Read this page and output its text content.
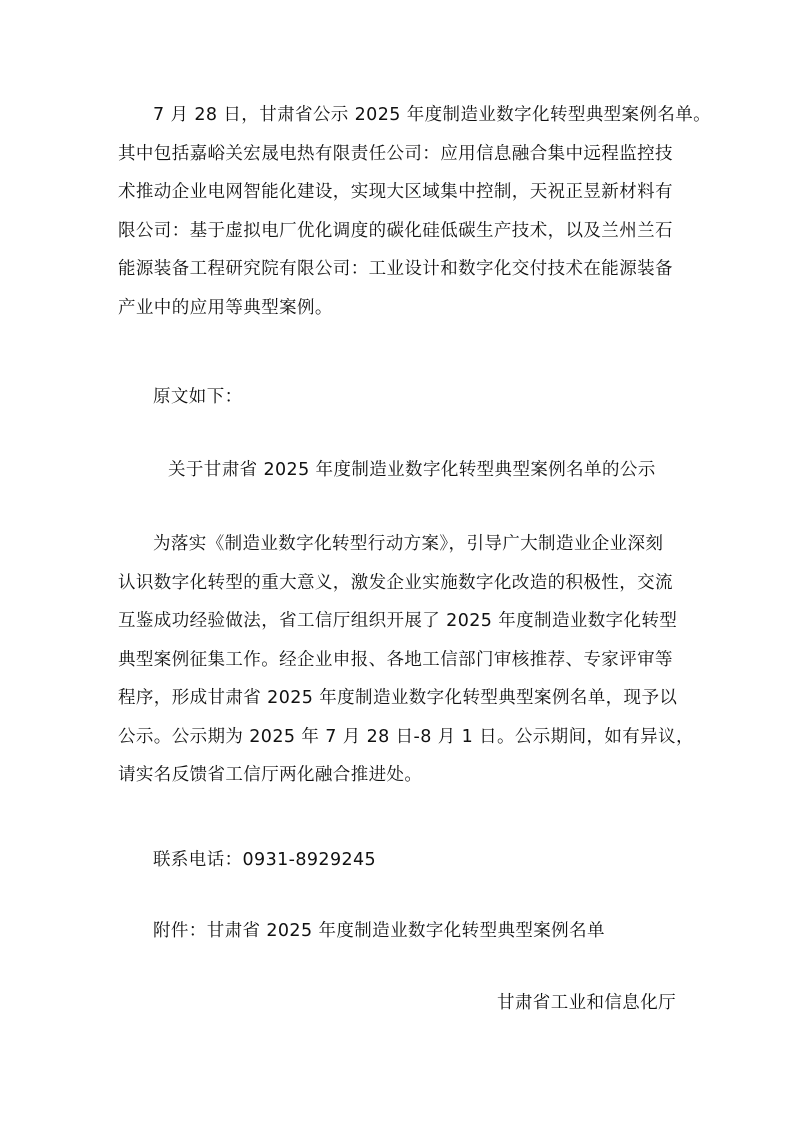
7 月 28 日，甘肃省公示 2025 年度制造业数字化转型典型案例名单。
其中包括嘉峪关宏晟电热有限责任公司：应用信息融合集中远程监控技
术推动企业电网智能化建设，实现大区域集中控制，天祝正昱新材料有
限公司：基于虚拟电厂优化调度的碳化硅低碳生产技术，以及兰州兰石
能源装备工程研究院有限公司：工业设计和数字化交付技术在能源装备
产业中的应用等典型案例。
原文如下：
关于甘肃省 2025 年度制造业数字化转型典型案例名单的公示
为落实《制造业数字化转型行动方案》，引导广大制造业企业深刻
认识数字化转型的重大意义，激发企业实施数字化改造的积极性，交流
互鉴成功经验做法，省工信厅组织开展了 2025 年度制造业数字化转型
典型案例征集工作。经企业申报、各地工信部门审核推荐、专家评审等
程序，形成甘肃省 2025 年度制造业数字化转型典型案例名单，现予以
公示。公示期为 2025 年 7 月 28 日-8 月 1 日。公示期间，如有异议，
请实名反馈省工信厅两化融合推进处。
联系电话：0931-8929245
附件：甘肃省 2025 年度制造业数字化转型典型案例名单
甘肃省工业和信息化厅
